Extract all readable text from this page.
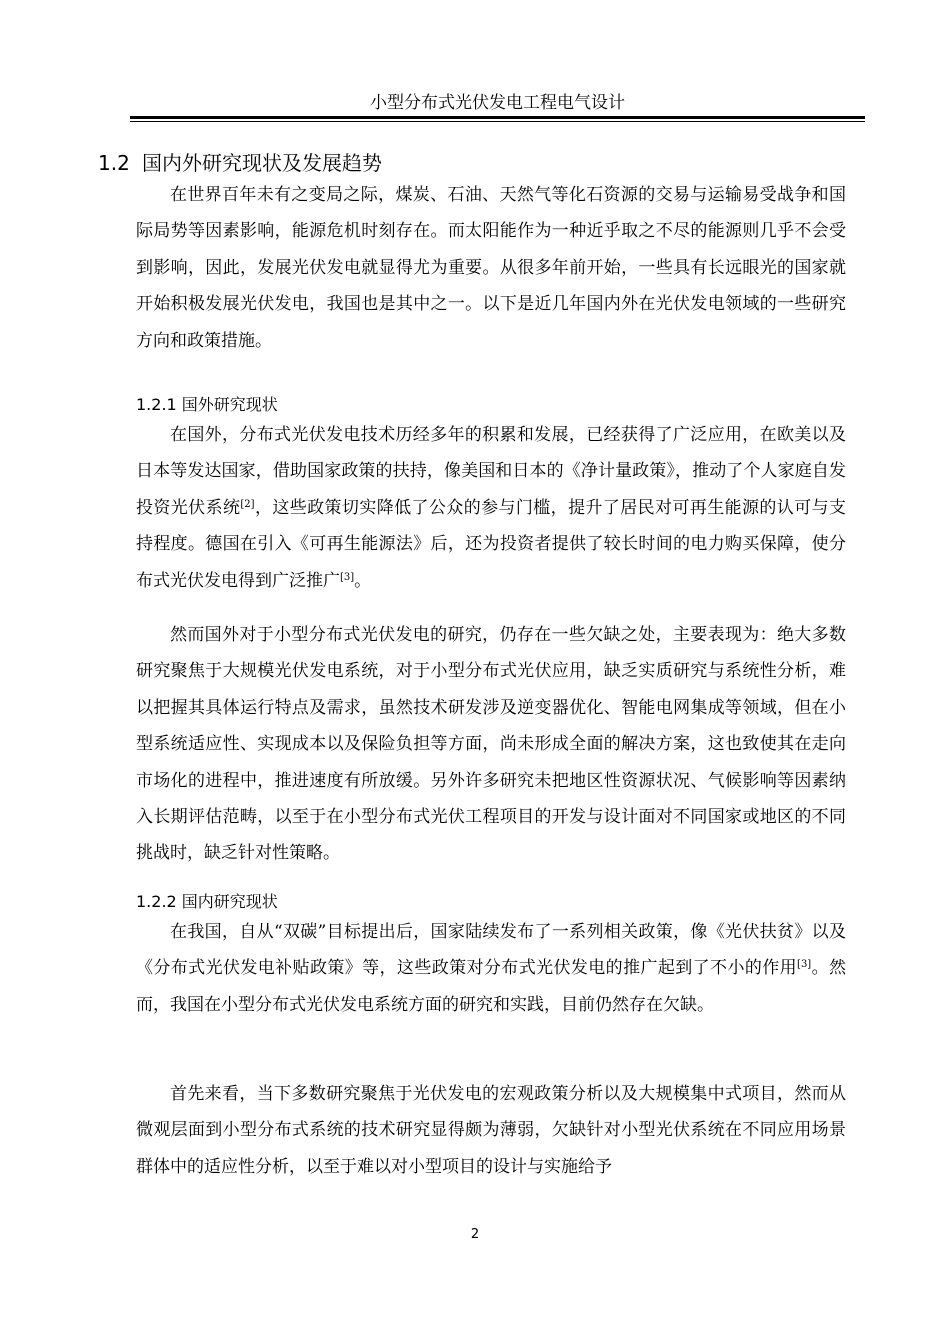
小型分布式光伏发电工程电气设计
1.2 国内外研究现状及发展趋势

在世界百年未有之变局之际，煤炭、石油、天然气等化石资源的交易与运输易受战争和国际局势等因素影响，能源危机时刻存在。而太阳能作为一种近乎取之不尽的能源则几乎不会受到影响，因此，发展光伏发电就显得尤为重要。从很多年前开始，一些具有长远眼光的国家就开始积极发展光伏发电，我国也是其中之一。以下是近几年国内外在光伏发电领域的一些研究方向和政策措施。

1.2.1 国外研究现状

在国外，分布式光伏发电技术历经多年的积累和发展，已经获得了广泛应用，在欧美以及日本等发达国家，借助国家政策的扶持，像美国和日本的《净计量政策》，推动了个人家庭自发投资光伏系统[2]，这些政策切实降低了公众的参与门槛，提升了居民对可再生能源的认可与支持程度。德国在引入《可再生能源法》后，还为投资者提供了较长时间的电力购买保障，使分布式光伏发电得到广泛推广[3]。

然而国外对于小型分布式光伏发电的研究，仍存在一些欠缺之处，主要表现为：绝大多数研究聚焦于大规模光伏发电系统，对于小型分布式光伏应用，缺乏实质研究与系统性分析，难以把握其具体运行特点及需求，虽然技术研发涉及逆变器优化、智能电网集成等领域，但在小型系统适应性、实现成本以及保险负担等方面，尚未形成全面的解决方案，这也致使其在走向市场化的进程中，推进速度有所放缓。另外许多研究未把地区性资源状况、气候影响等因素纳入长期评估范畴，以至于在小型分布式光伏工程项目的开发与设计面对不同国家或地区的不同挑战时，缺乏针对性策略。

1.2.2 国内研究现状

在我国，自从“双碳”目标提出后，国家陆续发布了一系列相关政策，像《光伏扶贫》以及《分布式光伏发电补贴政策》等，这些政策对分布式光伏发电的推广起到了不小的作用[3]。然而，我国在小型分布式光伏发电系统方面的研究和实践，目前仍然存在欠缺。

首先来看，当下多数研究聚焦于光伏发电的宏观政策分析以及大规模集中式项目，然而从微观层面到小型分布式系统的技术研究显得颇为薄弱，欠缺针对小型光伏系统在不同应用场景群体中的适应性分析，以至于难以对小型项目的设计与实施给予

2
